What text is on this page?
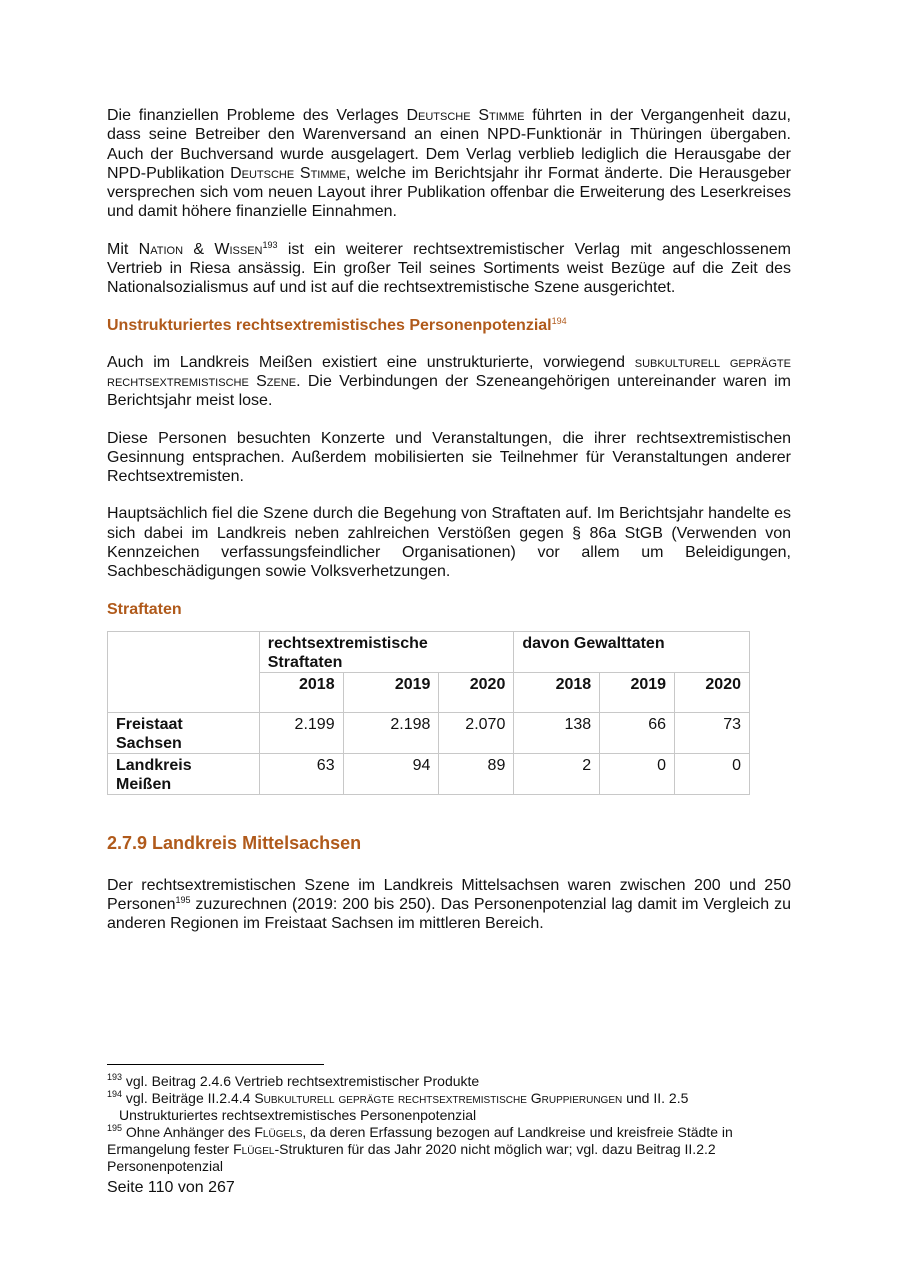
Die finanziellen Probleme des Verlages Deutsche Stimme führten in der Vergangenheit dazu, dass seine Betreiber den Warenversand an einen NPD-Funktionär in Thüringen übergaben. Auch der Buchversand wurde ausgelagert. Dem Verlag verblieb lediglich die Herausgabe der NPD-Publikation Deutsche Stimme, welche im Berichtsjahr ihr Format änderte. Die Herausgeber versprechen sich vom neuen Layout ihrer Publikation offenbar die Erweiterung des Leserkreises und damit höhere finanzielle Einnahmen.

Mit Nation & Wissen$^{193}$ ist ein weiterer rechtsextremistischer Verlag mit angeschlossenem Vertrieb in Riesa ansässig. Ein großer Teil seines Sortiments weist Bezüge auf die Zeit des Nationalsozialismus auf und ist auf die rechtsextremistische Szene ausgerichtet.

Unstrukturiertes rechtsextremistisches Personenpotenzial$^{194}$

Auch im Landkreis Meißen existiert eine unstrukturierte, vorwiegend subkulturell geprägte rechtsextremistische Szene. Die Verbindungen der Szeneangehörigen untereinander waren im Berichtsjahr meist lose.

Diese Personen besuchten Konzerte und Veranstaltungen, die ihrer rechtsextremistischen Gesinnung entsprachen. Außerdem mobilisierten sie Teilnehmer für Veranstaltungen anderer Rechtsextremisten.

Hauptsächlich fiel die Szene durch die Begehung von Straftaten auf. Im Berichtsjahr handelte es sich dabei im Landkreis neben zahlreichen Verstößen gegen § 86a StGB (Verwenden von Kennzeichen verfassungsfeindlicher Organisationen) vor allem um Beleidigungen, Sachbeschädigungen sowie Volksverhetzungen.

Straftaten
	rechtsextremistische Straftaten			davon Gewalttaten		
	2018	2019	2020	2018	2019	2020
Freistaat Sachsen	2.199	2.198	2.070	138	66	73
Landkreis Meißen	63	94	89	2	0	0
2.7.9 Landkreis Mittelsachsen

Der rechtsextremistischen Szene im Landkreis Mittelsachsen waren zwischen 200 und 250 Personen$^{195}$ zuzurechnen (2019: 200 bis 250). Das Personenpotenzial lag damit im Vergleich zu anderen Regionen im Freistaat Sachsen im mittleren Bereich.

$^{193}$ vgl. Beitrag 2.4.6 Vertrieb rechtsextremistischer Produkte
$^{194}$ vgl. Beiträge II.2.4.4 Subkulturell geprägte rechtsextremistische Gruppierungen und II. 2.5
Unstrukturiertes rechtsextremistisches Personenpotenzial
$^{195}$ Ohne Anhänger des Flügels, da deren Erfassung bezogen auf Landkreise und kreisfreie Städte in Ermangelung fester Flügel-Strukturen für das Jahr 2020 nicht möglich war; vgl. dazu Beitrag II.2.2 Personenpotenzial
Seite 110 von 267
